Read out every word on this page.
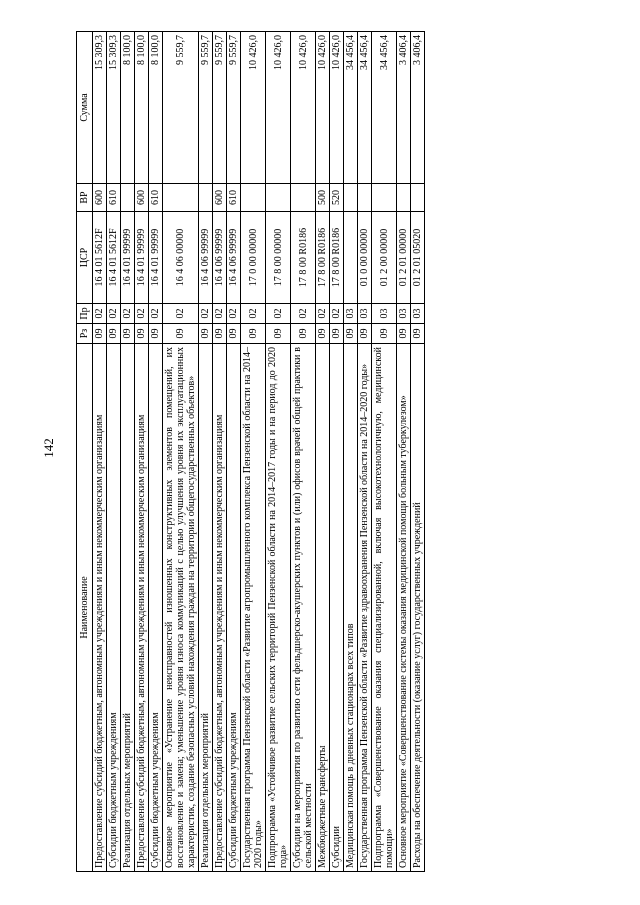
142
Наименование	Рз	Пр	ЦСР	ВР	Сумма
Предоставление субсидий бюджетным, автономным учреждениям и иным некоммерческим организациям	09	02	16 4 01 5612F	600	15 309,3
Субсидии бюджетным учреждениям	09	02	16 4 01 5612F	610	15 309,3
Реализация отдельных мероприятий	09	02	16 4 01 99999		8 100,0
Предоставление субсидий бюджетным, автономным учреждениям и иным некоммерческим организациям	09	02	16 4 01 99999	600	8 100,0
Субсидии бюджетным учреждениям	09	02	16 4 01 99999	610	8 100,0
Основное мероприятие «Устранение неисправностей изношенных конструктивных элементов помещений, их восстановление и замена; уменьшение уровня износа коммуникаций с целью улучшения уровня их эксплуатационных характеристик, создание безопасных условий нахождения граждан на территории общегосударственных объектов»	09	02	16 4 06 00000		9 559,7
Реализация отдельных мероприятий	09	02	16 4 06 99999		9 559,7
Предоставление субсидий бюджетным, автономным учреждениям и иным некоммерческим организациям	09	02	16 4 06 99999	600	9 559,7
Субсидии бюджетным учреждениям	09	02	16 4 06 99999	610	9 559,7
Государственная программа Пензенской области «Развитие агропромышленного комплекса Пензенской области на 2014–2020 годы»	09	02	17 0 00 00000		10 426,0
Подпрограмма «Устойчивое развитие сельских территорий Пензенской области на 2014–2017 годы и на период до 2020 года»	09	02	17 8 00 00000		10 426,0
Субсидии на мероприятия по развитию сети фельдшерско-акушерских пунктов и (или) офисов врачей общей практики в сельской местности	09	02	17 8 00 R0186		10 426,0
Межбюджетные трансферты	09	02	17 8 00 R0186	500	10 426,0
Субсидии	09	02	17 8 00 R0186	520	10 426,0
Медицинская помощь в дневных стационарах всех типов	09	03			34 456,4
Государственная программа Пензенской области «Развитие здравоохранения Пензенской области на 2014–2020 годы»	09	03	01 0 00 00000		34 456,4
Подпрограмма «Совершенствование оказания специализированной, включая высокотехнологичную, медицинской помощи»	09	03	01 2 00 00000		34 456,4
Основное мероприятие «Совершенствование системы оказания медицинской помощи больным туберкулезом»	09	03	01 2 01 00000		3 406,4
Расходы на обеспечение деятельности (оказание услуг) государственных учреждений	09	03	01 2 01 05020		3 406,4
